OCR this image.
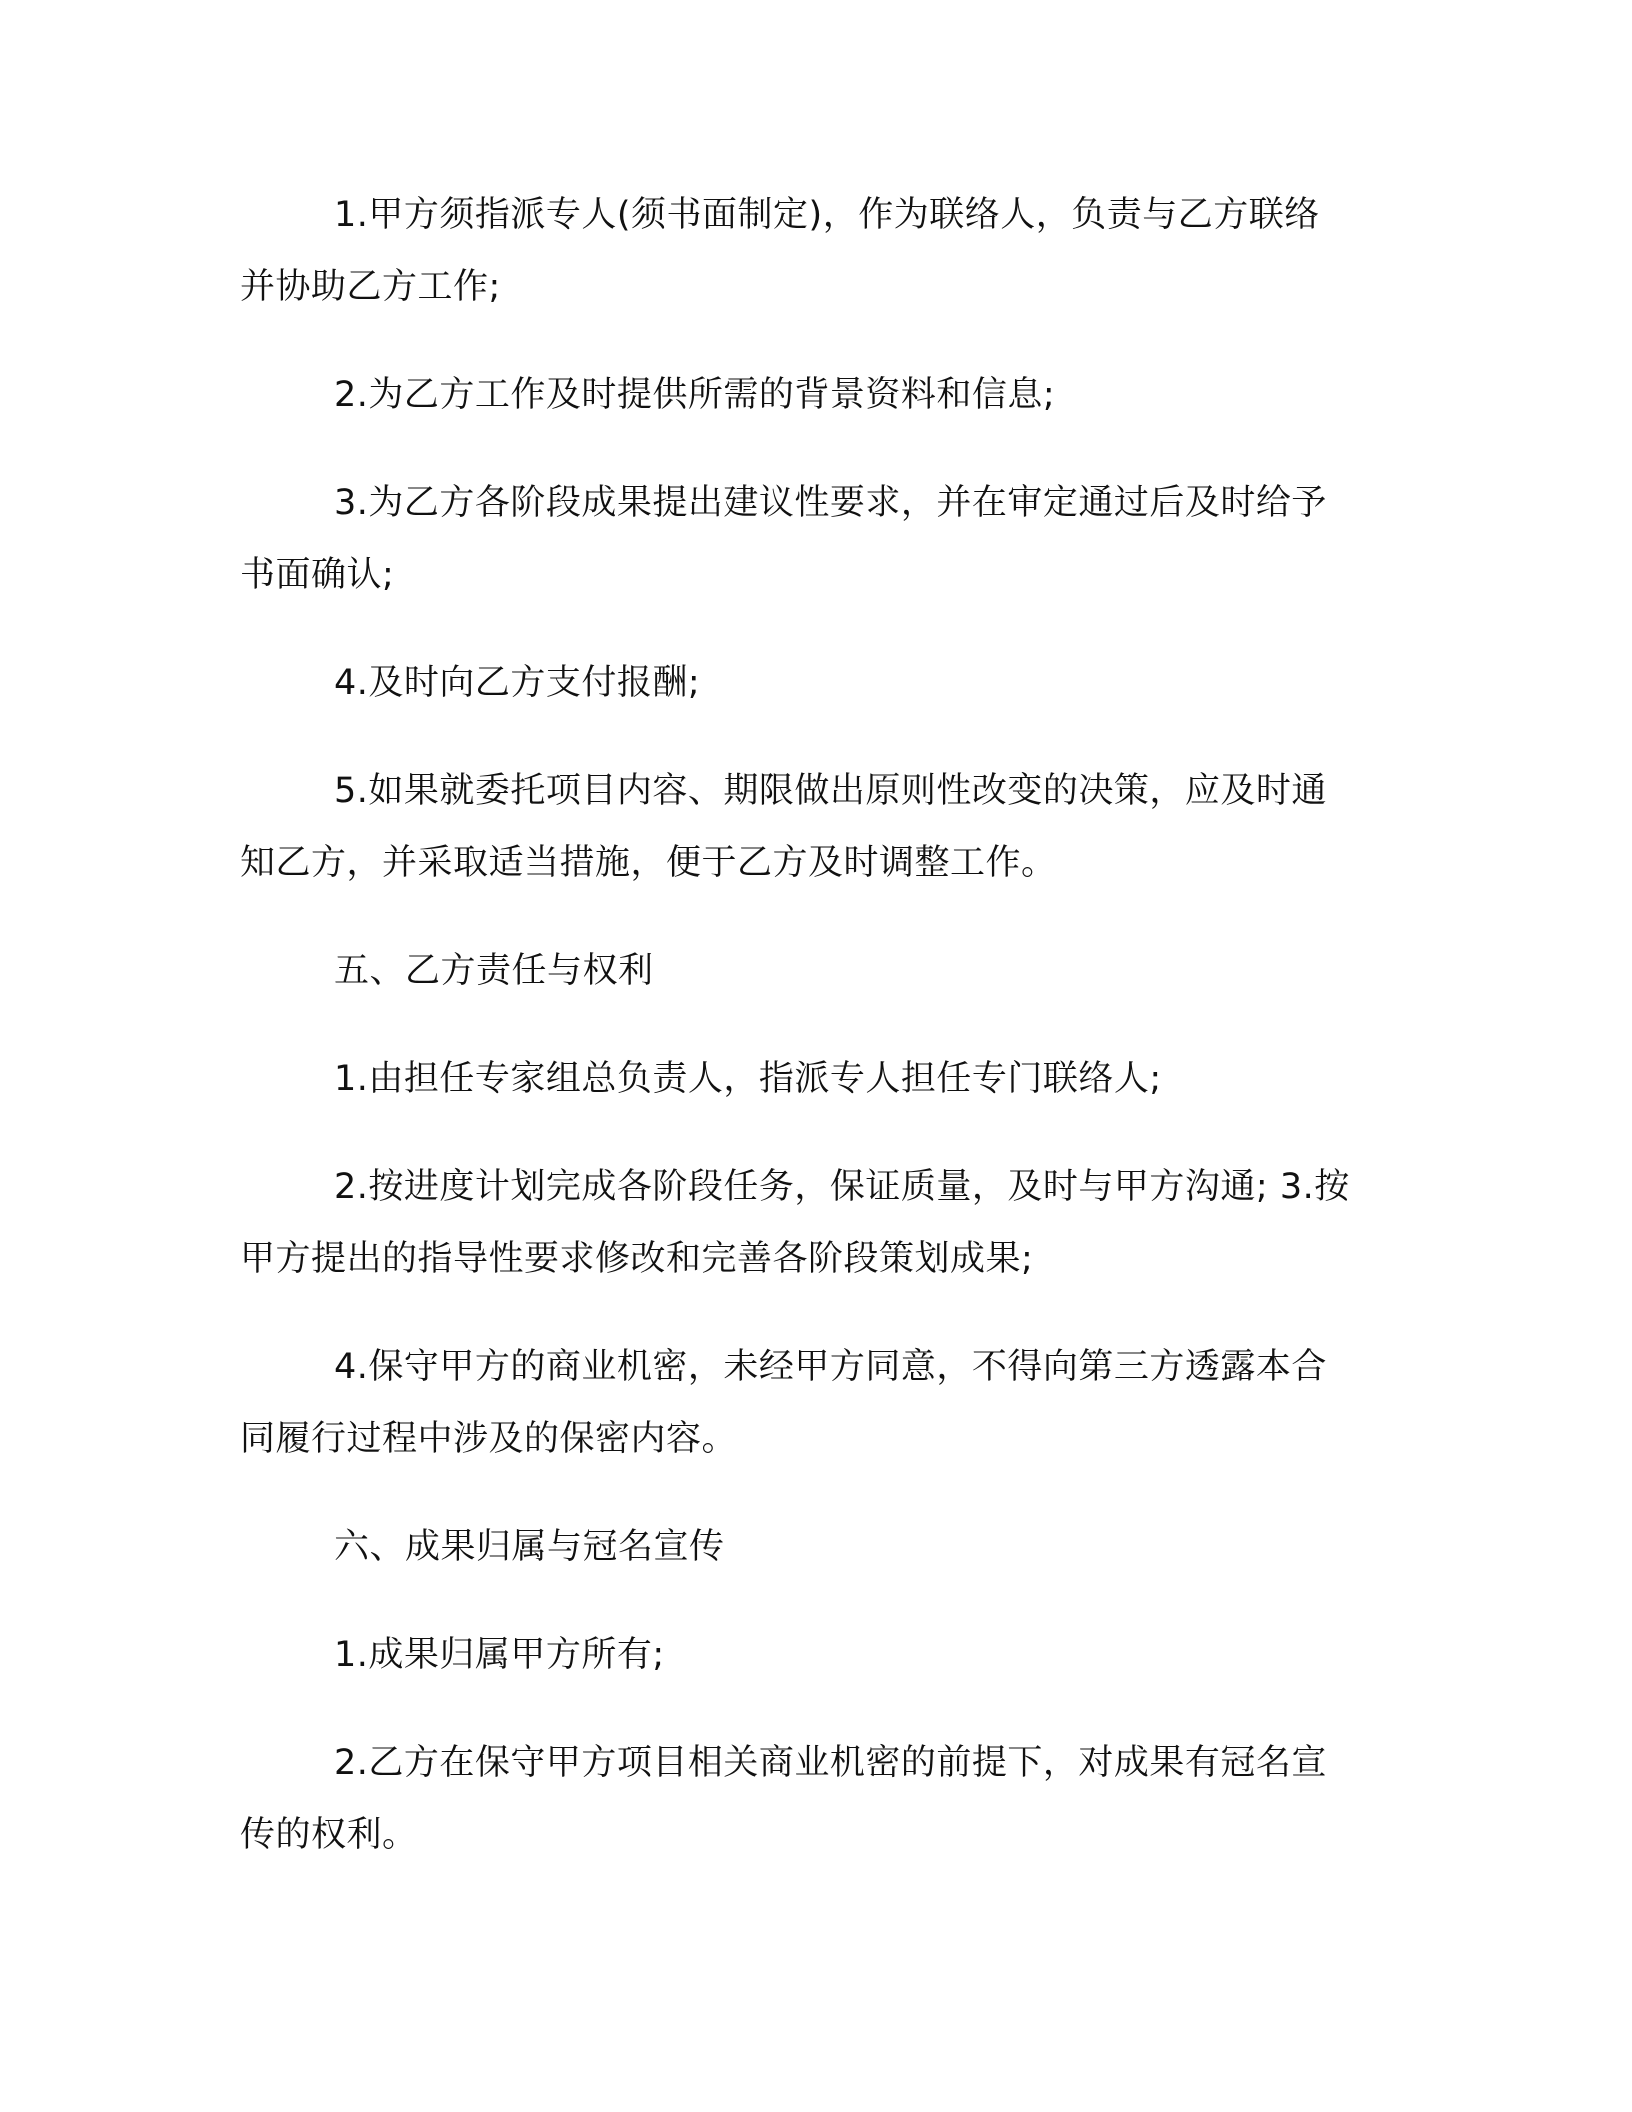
1.甲方须指派专人(须书面制定)，作为联络人，负责与乙方联络

并协助乙方工作;

2.为乙方工作及时提供所需的背景资料和信息;

3.为乙方各阶段成果提出建议性要求，并在审定通过后及时给予

书面确认;

4.及时向乙方支付报酬;

5.如果就委托项目内容、期限做出原则性改变的决策，应及时通

知乙方，并采取适当措施，便于乙方及时调整工作。

五、乙方责任与权利

1.由担任专家组总负责人，指派专人担任专门联络人;

2.按进度计划完成各阶段任务，保证质量，及时与甲方沟通; 3.按

甲方提出的指导性要求修改和完善各阶段策划成果;

4.保守甲方的商业机密，未经甲方同意，不得向第三方透露本合

同履行过程中涉及的保密内容。

六、成果归属与冠名宣传

1.成果归属甲方所有;

2.乙方在保守甲方项目相关商业机密的前提下，对成果有冠名宣

传的权利。
